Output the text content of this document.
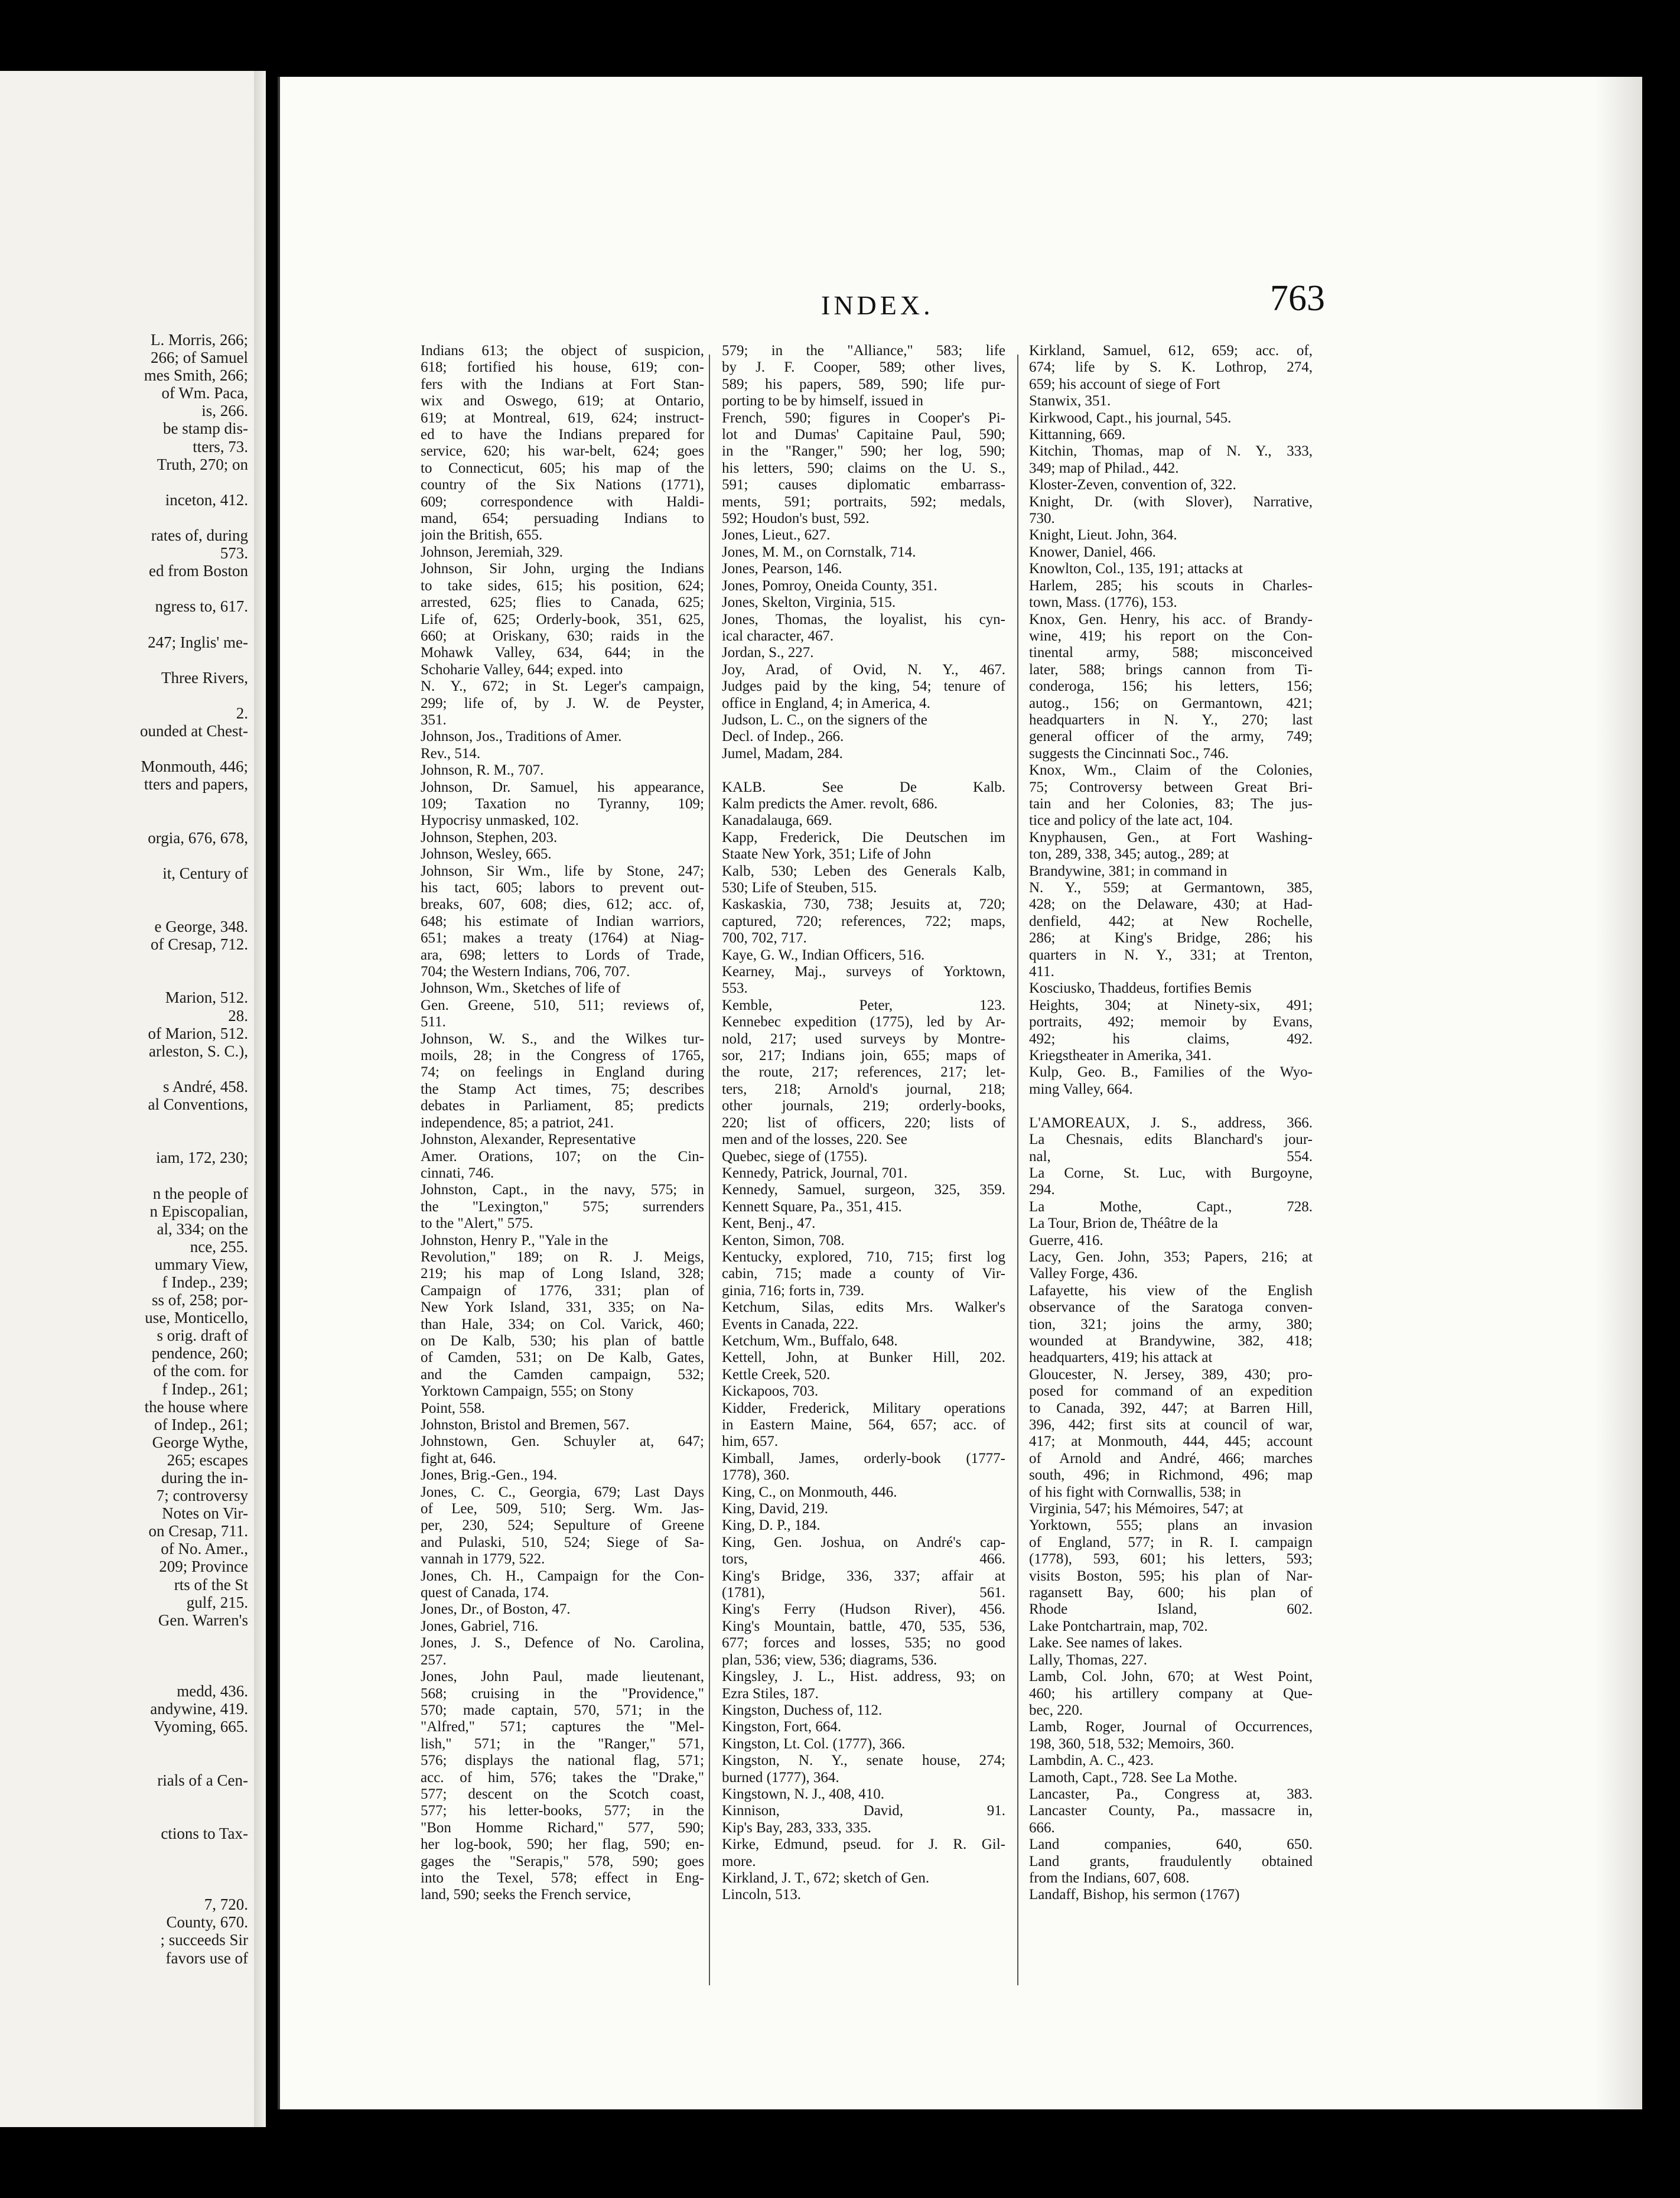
L. Morris, 266;
266; of Samuel
mes Smith, 266;
of Wm. Paca,
is, 266.
be stamp dis-
tters, 73.
Truth, 270; on

inceton, 412.

rates of, during
573.
ed from Boston

ngress to, 617.

247; Inglis' me-

Three Rivers,

2.
ounded at Chest-

Monmouth, 446;
tters and papers,

orgia, 676, 678,

it, Century of

e George, 348.
of Cresap, 712.

Marion, 512.
28.
of Marion, 512.
arleston, S. C.),

s André, 458.
al Conventions,

iam, 172, 230;

n the people of
n Episcopalian,
al, 334; on the
nce, 255.
ummary View,
f Indep., 239;
ss of, 258; por-
use, Monticello,
s orig. draft of
pendence, 260;
of the com. for
f Indep., 261;
the house where
of Indep., 261;
George Wythe,
265; escapes
during the in-
7; controversy
Notes on Vir-
on Cresap, 711.
of No. Amer.,
209; Province
rts of the St
gulf, 215.
Gen. Warren's

medd, 436.
andywine, 419.
Vyoming, 665.

rials of a Cen-

ctions to Tax-

7, 720.
County, 670.
; succeeds Sir
favors use of
INDEX.	763
Indians 613; the object of suspicion,
618; fortified his house, 619; con-
fers with the Indians at Fort Stan-
wix and Oswego, 619; at Ontario,
619; at Montreal, 619, 624; instruct-
ed to have the Indians prepared for
service, 620; his war-belt, 624; goes
to Connecticut, 605; his map of the
country of the Six Nations (1771),
609; correspondence with Haldi-
mand, 654; persuading Indians to
join the British, 655.
Johnson, Jeremiah, 329.
Johnson, Sir John, urging the Indians
to take sides, 615; his position, 624;
arrested, 625; flies to Canada, 625;
Life of, 625; Orderly-book, 351, 625,
660; at Oriskany, 630; raids in the
Mohawk Valley, 634, 644; in the
Schoharie Valley, 644; exped. into
N. Y., 672; in St. Leger's campaign,
299; life of, by J. W. de Peyster,
351.
Johnson, Jos., Traditions of Amer.
Rev., 514.
Johnson, R. M., 707.
Johnson, Dr. Samuel, his appearance,
109; Taxation no Tyranny, 109;
Hypocrisy unmasked, 102.
Johnson, Stephen, 203.
Johnson, Wesley, 665.
Johnson, Sir Wm., life by Stone, 247;
his tact, 605; labors to prevent out-
breaks, 607, 608; dies, 612; acc. of,
648; his estimate of Indian warriors,
651; makes a treaty (1764) at Niag-
ara, 698; letters to Lords of Trade,
704; the Western Indians, 706, 707.
Johnson, Wm., Sketches of life of
Gen. Greene, 510, 511; reviews of,
511.
Johnson, W. S., and the Wilkes tur-
moils, 28; in the Congress of 1765,
74; on feelings in England during
the Stamp Act times, 75; describes
debates in Parliament, 85; predicts
independence, 85; a patriot, 241.
Johnston, Alexander, Representative
Amer. Orations, 107; on the Cin-
cinnati, 746.
Johnston, Capt., in the navy, 575; in
the "Lexington," 575; surrenders
to the "Alert," 575.
Johnston, Henry P., "Yale in the
Revolution," 189; on R. J. Meigs,
219; his map of Long Island, 328;
Campaign of 1776, 331; plan of
New York Island, 331, 335; on Na-
than Hale, 334; on Col. Varick, 460;
on De Kalb, 530; his plan of battle
of Camden, 531; on De Kalb, Gates,
and the Camden campaign, 532;
Yorktown Campaign, 555; on Stony
Point, 558.
Johnston, Bristol and Bremen, 567.
Johnstown, Gen. Schuyler at, 647;
fight at, 646.
Jones, Brig.-Gen., 194.
Jones, C. C., Georgia, 679; Last Days
of Lee, 509, 510; Serg. Wm. Jas-
per, 230, 524; Sepulture of Greene
and Pulaski, 510, 524; Siege of Sa-
vannah in 1779, 522.
Jones, Ch. H., Campaign for the Con-
quest of Canada, 174.
Jones, Dr., of Boston, 47.
Jones, Gabriel, 716.
Jones, J. S., Defence of No. Carolina,
257.
Jones, John Paul, made lieutenant,
568; cruising in the "Providence,"
570; made captain, 570, 571; in the
"Alfred," 571; captures the "Mel-
lish," 571; in the "Ranger," 571,
576; displays the national flag, 571;
acc. of him, 576; takes the "Drake,"
577; descent on the Scotch coast,
577; his letter-books, 577; in the
"Bon Homme Richard," 577, 590;
her log-book, 590; her flag, 590; en-
gages the "Serapis," 578, 590; goes
into the Texel, 578; effect in Eng-
land, 590; seeks the French service,
579; in the "Alliance," 583; life
by J. F. Cooper, 589; other lives,
589; his papers, 589, 590; life pur-
porting to be by himself, issued in
French, 590; figures in Cooper's Pi-
lot and Dumas' Capitaine Paul, 590;
in the "Ranger," 590; her log, 590;
his letters, 590; claims on the U. S.,
591; causes diplomatic embarrass-
ments, 591; portraits, 592; medals,
592; Houdon's bust, 592.
Jones, Lieut., 627.
Jones, M. M., on Cornstalk, 714.
Jones, Pearson, 146.
Jones, Pomroy, Oneida County, 351.
Jones, Skelton, Virginia, 515.
Jones, Thomas, the loyalist, his cyn-
ical character, 467.
Jordan, S., 227.
Joy, Arad, of Ovid, N. Y., 467.
Judges paid by the king, 54; tenure of
office in England, 4; in America, 4.
Judson, L. C., on the signers of the
Decl. of Indep., 266.
Jumel, Madam, 284.

KALB. See De Kalb.
Kalm predicts the Amer. revolt, 686.
Kanadalauga, 669.
Kapp, Frederick, Die Deutschen im
Staate New York, 351; Life of John
Kalb, 530; Leben des Generals Kalb,
530; Life of Steuben, 515.
Kaskaskia, 730, 738; Jesuits at, 720;
captured, 720; references, 722; maps,
700, 702, 717.
Kaye, G. W., Indian Officers, 516.
Kearney, Maj., surveys of Yorktown,
553.
Kemble, Peter, 123.
Kennebec expedition (1775), led by Ar-
nold, 217; used surveys by Montre-
sor, 217; Indians join, 655; maps of
the route, 217; references, 217; let-
ters, 218; Arnold's journal, 218;
other journals, 219; orderly-books,
220; list of officers, 220; lists of
men and of the losses, 220. See
Quebec, siege of (1755).
Kennedy, Patrick, Journal, 701.
Kennedy, Samuel, surgeon, 325, 359.
Kennett Square, Pa., 351, 415.
Kent, Benj., 47.
Kenton, Simon, 708.
Kentucky, explored, 710, 715; first log
cabin, 715; made a county of Vir-
ginia, 716; forts in, 739.
Ketchum, Silas, edits Mrs. Walker's
Events in Canada, 222.
Ketchum, Wm., Buffalo, 648.
Kettell, John, at Bunker Hill, 202.
Kettle Creek, 520.
Kickapoos, 703.
Kidder, Frederick, Military operations
in Eastern Maine, 564, 657; acc. of
him, 657.
Kimball, James, orderly-book (1777-
1778), 360.
King, C., on Monmouth, 446.
King, David, 219.
King, D. P., 184.
King, Gen. Joshua, on André's cap-
tors, 466.
King's Bridge, 336, 337; affair at
(1781), 561.
King's Ferry (Hudson River), 456.
King's Mountain, battle, 470, 535, 536,
677; forces and losses, 535; no good
plan, 536; view, 536; diagrams, 536.
Kingsley, J. L., Hist. address, 93; on
Ezra Stiles, 187.
Kingston, Duchess of, 112.
Kingston, Fort, 664.
Kingston, Lt. Col. (1777), 366.
Kingston, N. Y., senate house, 274;
burned (1777), 364.
Kingstown, N. J., 408, 410.
Kinnison, David, 91.
Kip's Bay, 283, 333, 335.
Kirke, Edmund, pseud. for J. R. Gil-
more.
Kirkland, J. T., 672; sketch of Gen.
Lincoln, 513.
Kirkland, Samuel, 612, 659; acc. of,
674; life by S. K. Lothrop, 274,
659; his account of siege of Fort
Stanwix, 351.
Kirkwood, Capt., his journal, 545.
Kittanning, 669.
Kitchin, Thomas, map of N. Y., 333,
349; map of Philad., 442.
Kloster-Zeven, convention of, 322.
Knight, Dr. (with Slover), Narrative,
730.
Knight, Lieut. John, 364.
Knower, Daniel, 466.
Knowlton, Col., 135, 191; attacks at
Harlem, 285; his scouts in Charles-
town, Mass. (1776), 153.
Knox, Gen. Henry, his acc. of Brandy-
wine, 419; his report on the Con-
tinental army, 588; misconceived
later, 588; brings cannon from Ti-
conderoga, 156; his letters, 156;
autog., 156; on Germantown, 421;
headquarters in N. Y., 270; last
general officer of the army, 749;
suggests the Cincinnati Soc., 746.
Knox, Wm., Claim of the Colonies,
75; Controversy between Great Bri-
tain and her Colonies, 83; The jus-
tice and policy of the late act, 104.
Knyphausen, Gen., at Fort Washing-
ton, 289, 338, 345; autog., 289; at
Brandywine, 381; in command in
N. Y., 559; at Germantown, 385,
428; on the Delaware, 430; at Had-
denfield, 442; at New Rochelle,
286; at King's Bridge, 286; his
quarters in N. Y., 331; at Trenton,
411.
Kosciusko, Thaddeus, fortifies Bemis
Heights, 304; at Ninety-six, 491;
portraits, 492; memoir by Evans,
492; his claims, 492.
Kriegstheater in Amerika, 341.
Kulp, Geo. B., Families of the Wyo-
ming Valley, 664.

L'AMOREAUX, J. S., address, 366.
La Chesnais, edits Blanchard's jour-
nal, 554.
La Corne, St. Luc, with Burgoyne,
294.
La Mothe, Capt., 728.
La Tour, Brion de, Théâtre de la
Guerre, 416.
Lacy, Gen. John, 353; Papers, 216; at
Valley Forge, 436.
Lafayette, his view of the English
observance of the Saratoga conven-
tion, 321; joins the army, 380;
wounded at Brandywine, 382, 418;
headquarters, 419; his attack at
Gloucester, N. Jersey, 389, 430; pro-
posed for command of an expedition
to Canada, 392, 447; at Barren Hill,
396, 442; first sits at council of war,
417; at Monmouth, 444, 445; account
of Arnold and André, 466; marches
south, 496; in Richmond, 496; map
of his fight with Cornwallis, 538; in
Virginia, 547; his Mémoires, 547; at
Yorktown, 555; plans an invasion
of England, 577; in R. I. campaign
(1778), 593, 601; his letters, 593;
visits Boston, 595; his plan of Nar-
ragansett Bay, 600; his plan of
Rhode Island, 602.
Lake Pontchartrain, map, 702.
Lake. See names of lakes.
Lally, Thomas, 227.
Lamb, Col. John, 670; at West Point,
460; his artillery company at Que-
bec, 220.
Lamb, Roger, Journal of Occurrences,
198, 360, 518, 532; Memoirs, 360.
Lambdin, A. C., 423.
Lamoth, Capt., 728. See La Mothe.
Lancaster, Pa., Congress at, 383.
Lancaster County, Pa., massacre in,
666.
Land companies, 640, 650.
Land grants, fraudulently obtained
from the Indians, 607, 608.
Landaff, Bishop, his sermon (1767)
